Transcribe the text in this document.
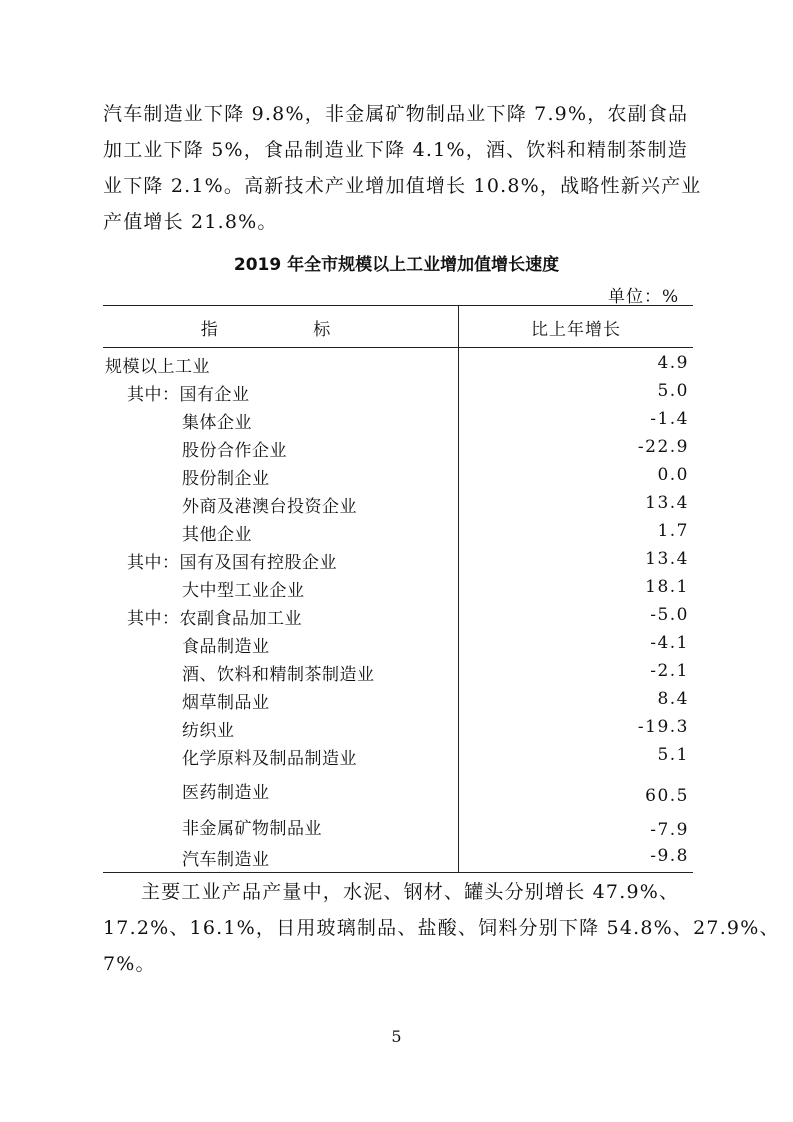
汽车制造业下降 9.8%，非金属矿物制品业下降 7.9%，农副食品
加工业下降 5%，食品制造业下降 4.1%，酒、饮料和精制茶制造
业下降 2.1%。高新技术产业增加值增长 10.8%，战略性新兴产业
产值增长 21.8%。
2019 年全市规模以上工业增加值增长速度
单位：%
指 标	比上年增长
规模以上工业	4.9
其中：国有企业	5.0
集体企业	-1.4
股份合作企业	-22.9
股份制企业	0.0
外商及港澳台投资企业	13.4
其他企业	1.7
其中：国有及国有控股企业	13.4
大中型工业企业	18.1
其中：农副食品加工业	-5.0
食品制造业	-4.1
酒、饮料和精制茶制造业	-2.1
烟草制品业	8.4
纺织业	-19.3
化学原料及制品制造业	5.1
医药制造业	60.5
非金属矿物制品业	-7.9
汽车制造业	-9.8
主要工业产品产量中，水泥、钢材、罐头分别增长 47.9%、
17.2%、16.1%，日用玻璃制品、盐酸、饲料分别下降 54.8%、27.9%、
7%。
5
